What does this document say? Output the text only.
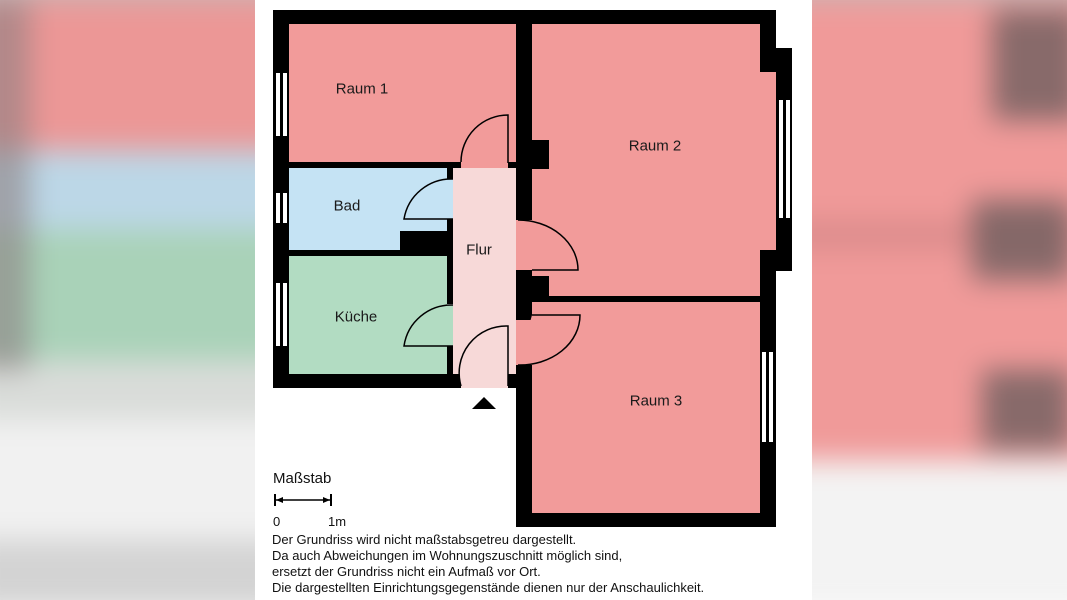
Raum 1
Raum 2
Raum 3
Bad
Küche
Flur
Maßstab
0	1m
Der Grundriss wird nicht maßstabsgetreu dargestellt.
Da auch Abweichungen im Wohnungszuschnitt möglich sind,
ersetzt der Grundriss nicht ein Aufmaß vor Ort.
Die dargestellten Einrichtungsgegenstände dienen nur der Anschaulichkeit.
